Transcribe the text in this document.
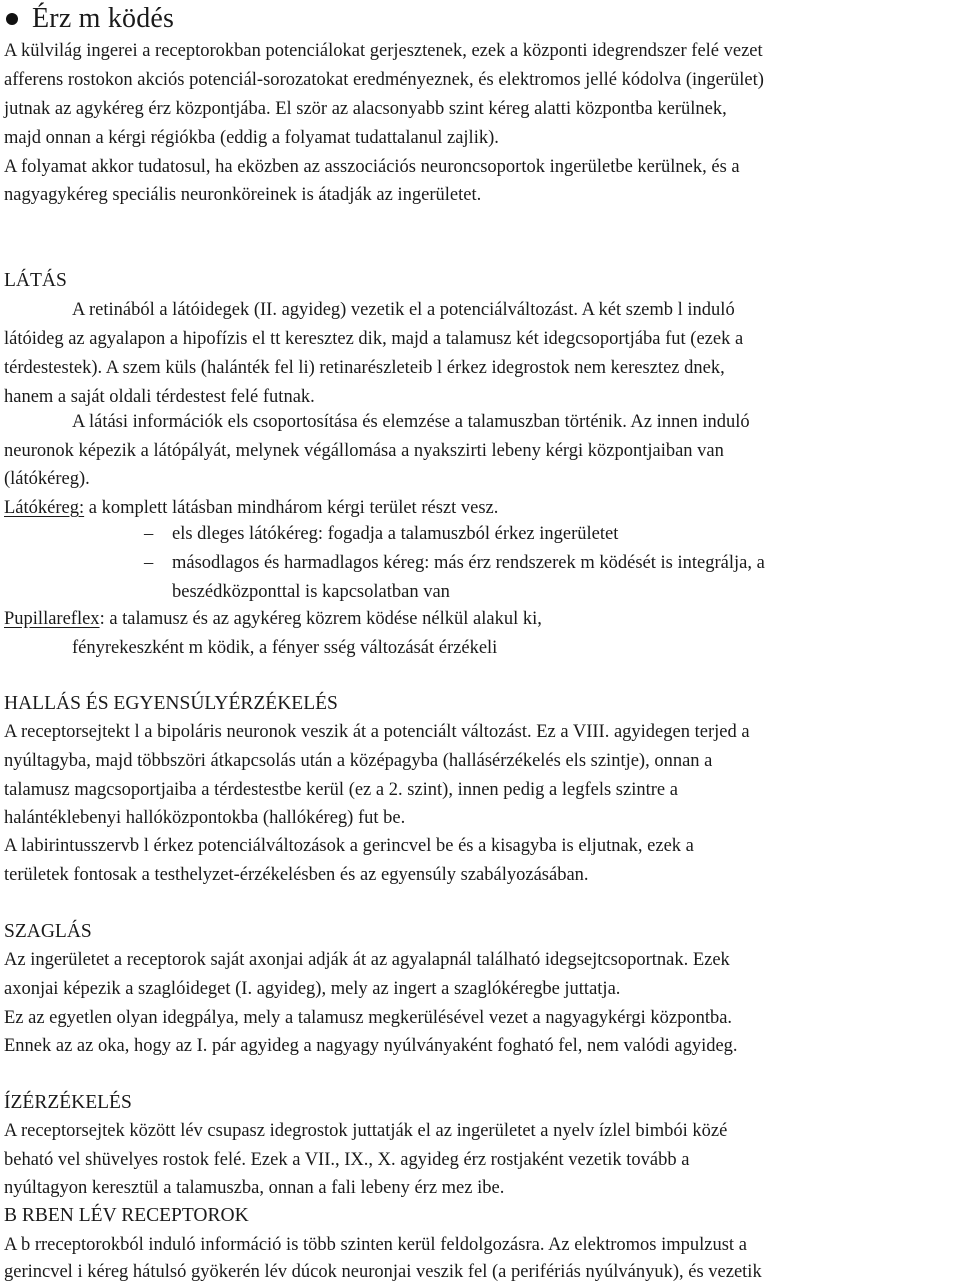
Érz m ködés
A külvilág ingerei a receptorokban potenciálokat gerjesztenek, ezek a központi idegrendszer felé vezet
afferens rostokon akciós potenciál-sorozatokat eredményeznek, és elektromos jellé kódolva (ingerület)
jutnak az agykéreg érz központjába. El ször az alacsonyabb szint kéreg alatti központba kerülnek,
majd onnan a kérgi régiókba (eddig a folyamat tudattalanul zajlik).
A folyamat akkor tudatosul, ha eközben az asszociációs neuroncsoportok ingerületbe kerülnek, és a
nagyagykéreg speciális neuronköreinek is átadják az ingerületet.
LÁTÁS
A retinából a látóidegek (II. agyideg) vezetik el a potenciálváltozást. A két szemb l induló
látóideg az agyalapon a hipofízis el tt keresztez dik, majd a talamusz két idegcsoportjába fut (ezek a
térdestestek). A szem küls (halánték fel li) retinarészleteib l érkez idegrostok nem keresztez dnek,
hanem a saját oldali térdestest felé futnak.
A látási információk els csoportosítása és elemzése a talamuszban történik. Az innen induló
neuronok képezik a látópályát, melynek végállomása a nyakszirti lebeny kérgi központjaiban van
(látókéreg).
Látókéreg: a komplett látásban mindhárom kérgi terület részt vesz.
– els dleges látókéreg: fogadja a talamuszból érkez ingerületet
– másodlagos és harmadlagos kéreg: más érz rendszerek m ködését is integrálja, a
beszédközponttal is kapcsolatban van
Pupillareflex: a talamusz és az agykéreg közrem ködése nélkül alakul ki,
fényrekeszként m ködik, a fényer sség változását érzékeli
HALLÁS ÉS EGYENSÚLYÉRZÉKELÉS
A receptorsejtekt l a bipoláris neuronok veszik át a potenciált változást. Ez a VIII. agyidegen terjed a
nyúltagyba, majd többszöri átkapcsolás után a középagyba (hallásérzékelés els szintje), onnan a
talamusz magcsoportjaiba a térdestestbe kerül (ez a 2. szint), innen pedig a legfels szintre a
halántéklebenyi hallóközpontokba (hallókéreg) fut be.
A labirintusszervb l érkez potenciálváltozások a gerincvel be és a kisagyba is eljutnak, ezek a
területek fontosak a testhelyzet-érzékelésben és az egyensúly szabályozásában.
SZAGLÁS
Az ingerületet a receptorok saját axonjai adják át az agyalapnál található idegsejtcsoportnak. Ezek
axonjai képezik a szaglóideget (I. agyideg), mely az ingert a szaglókéregbe juttatja.
Ez az egyetlen olyan idegpálya, mely a talamusz megkerülésével vezet a nagyagykérgi központba.
Ennek az az oka, hogy az I. pár agyideg a nagyagy nyúlványaként fogható fel, nem valódi agyideg.
ÍZÉRZÉKELÉS
A receptorsejtek között lév csupasz idegrostok juttatják el az ingerületet a nyelv ízlel bimbói közé
beható vel shüvelyes rostok felé. Ezek a VII., IX., X. agyideg érz rostjaként vezetik tovább a
nyúltagyon keresztül a talamuszba, onnan a fali lebeny érz mez ibe.
B RBEN LÉV RECEPTOROK
A b rreceptorokból induló információ is több szinten kerül feldolgozásra. Az elektromos impulzust a
gerincvel i kéreg hátulsó gyökerén lév dúcok neuronjai veszik fel (a perifériás nyúlványuk), és vezetik
